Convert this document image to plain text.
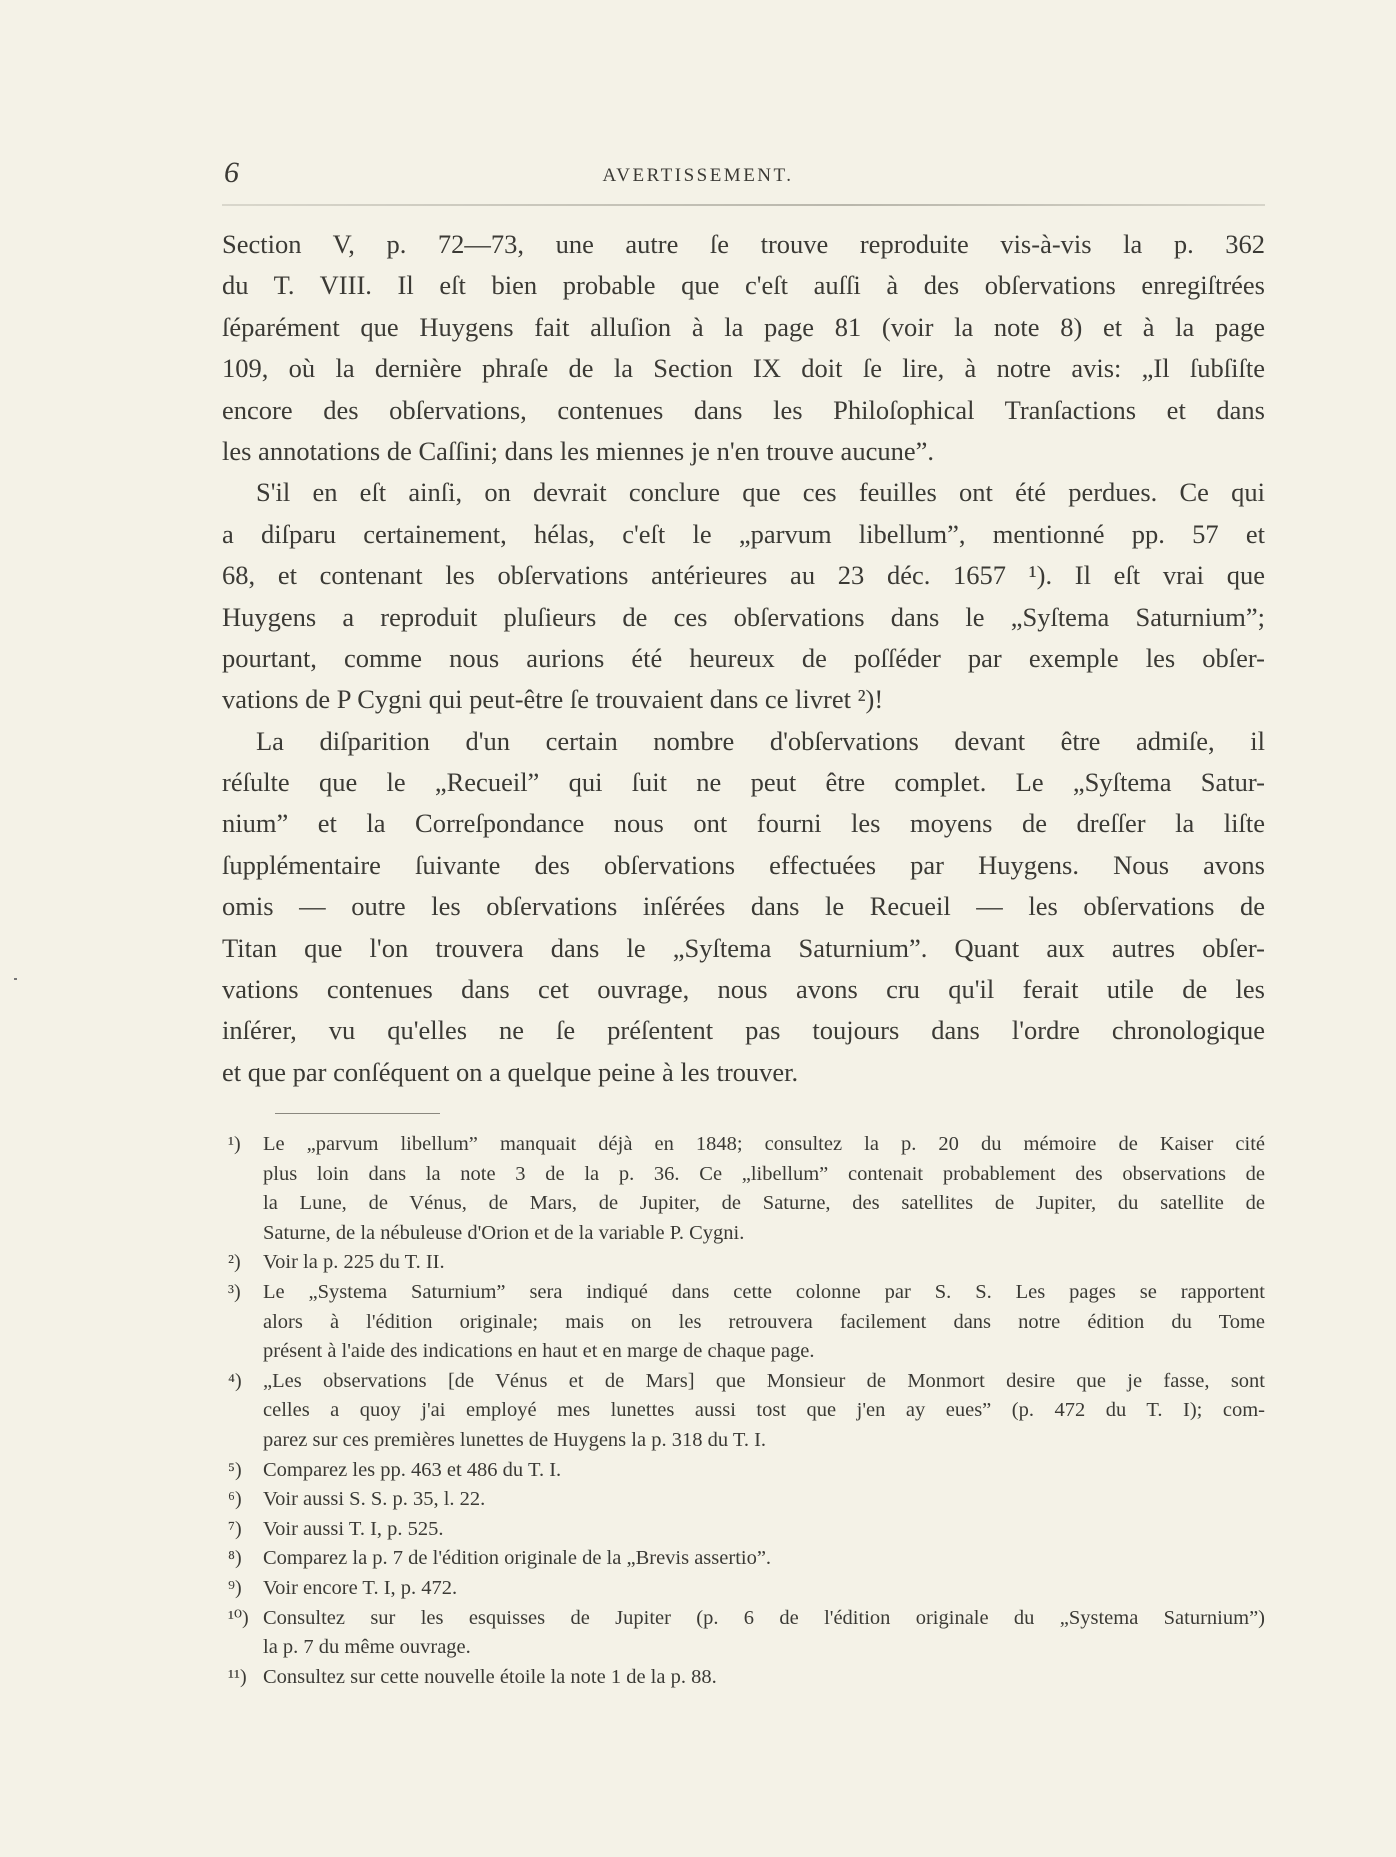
6	AVERTISSEMENT.
Section V, p. 72—73, une autre ſe trouve reproduite vis-à-vis la p. 362
du T. VIII. Il eſt bien probable que c'eſt auſſi à des obſervations enregiſtrées
ſéparément que Huygens fait alluſion à la page 81 (voir la note 8) et à la page
109, où la dernière phraſe de la Section IX doit ſe lire, à notre avis: „Il ſubſiſte
encore des obſervations, contenues dans les Philoſophical Tranſactions et dans
les annotations de Caſſini; dans les miennes je n'en trouve aucune”.
S'il en eſt ainſi, on devrait conclure que ces feuilles ont été perdues. Ce qui
a diſparu certainement, hélas, c'eſt le „parvum libellum”, mentionné pp. 57 et
68, et contenant les obſervations antérieures au 23 déc. 1657 ¹). Il eſt vrai que
Huygens a reproduit pluſieurs de ces obſervations dans le „Syſtema Saturnium”;
pourtant, comme nous aurions été heureux de poſſéder par exemple les obſer-
vations de P Cygni qui peut-être ſe trouvaient dans ce livret ²)!
La diſparition d'un certain nombre d'obſervations devant être admiſe, il
réſulte que le „Recueil” qui ſuit ne peut être complet. Le „Syſtema Satur-
nium” et la Correſpondance nous ont fourni les moyens de dreſſer la liſte
ſupplémentaire ſuivante des obſervations effectuées par Huygens. Nous avons
omis — outre les obſervations inſérées dans le Recueil — les obſervations de
Titan que l'on trouvera dans le „Syſtema Saturnium”. Quant aux autres obſer-
vations contenues dans cet ouvrage, nous avons cru qu'il ferait utile de les
inſérer, vu qu'elles ne ſe préſentent pas toujours dans l'ordre chronologique
et que par conſéquent on a quelque peine à les trouver.
¹)	Le „parvum libellum” manquait déjà en 1848; consultez la p. 20 du mémoire de Kaiser cité
plus loin dans la note 3 de la p. 36. Ce „libellum” contenait probablement des observations de
la Lune, de Vénus, de Mars, de Jupiter, de Saturne, des satellites de Jupiter, du satellite de
Saturne, de la nébuleuse d'Orion et de la variable P. Cygni.
²)	Voir la p. 225 du T. II.
³)	Le „Systema Saturnium” sera indiqué dans cette colonne par S. S. Les pages se rapportent
alors à l'édition originale; mais on les retrouvera facilement dans notre édition du Tome
présent à l'aide des indications en haut et en marge de chaque page.
⁴)	„Les observations [de Vénus et de Mars] que Monsieur de Monmort desire que je fasse, sont
celles a quoy j'ai employé mes lunettes aussi tost que j'en ay eues” (p. 472 du T. I); com-
parez sur ces premières lunettes de Huygens la p. 318 du T. I.
⁵)	Comparez les pp. 463 et 486 du T. I.
⁶)	Voir aussi S. S. p. 35, l. 22.
⁷)	Voir aussi T. I, p. 525.
⁸)	Comparez la p. 7 de l'édition originale de la „Brevis assertio”.
⁹)	Voir encore T. I, p. 472.
¹⁰) Consultez sur les esquisses de Jupiter (p. 6 de l'édition originale du „Systema Saturnium”)
la p. 7 du même ouvrage.
¹¹) Consultez sur cette nouvelle étoile la note 1 de la p. 88.
